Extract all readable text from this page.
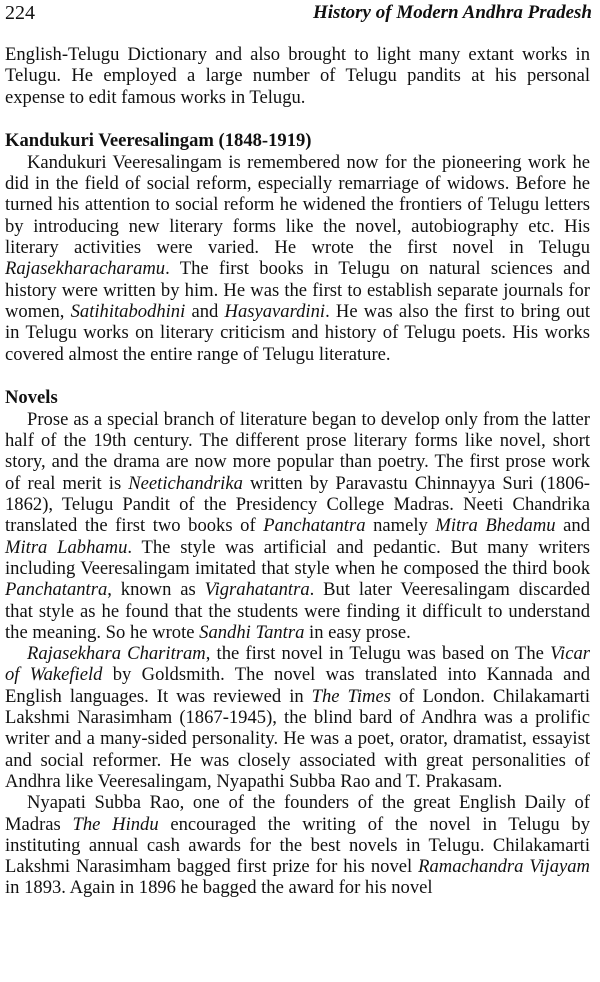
224	History of Modern Andhra Pradesh

English-Telugu Dictionary and also brought to light many extant works in Telugu. He employed a large number of Telugu pandits at his personal expense to edit famous works in Telugu.

Kandukuri Veeresalingam (1848-1919)

Kandukuri Veeresalingam is remembered now for the pioneering work he did in the field of social reform, especially remarriage of widows. Before he turned his attention to social reform he widened the frontiers of Telugu letters by introducing new literary forms like the novel, autobiography etc. His literary activities were varied. He wrote the first novel in Telugu Rajasekharacharamu. The first books in Telugu on natural sciences and history were written by him. He was the first to establish separate journals for women, Satihitabodhini and Hasyavardini. He was also the first to bring out in Telugu works on literary criticism and history of Telugu poets. His works covered almost the entire range of Telugu literature.

Novels

Prose as a special branch of literature began to develop only from the latter half of the 19th century. The different prose literary forms like novel, short story, and the drama are now more popular than poetry. The first prose work of real merit is Neetichandrika written by Paravastu Chinnayya Suri (1806-1862), Telugu Pandit of the Presidency College Madras. Neeti Chandrika translated the first two books of Panchatantra namely Mitra Bhedamu and Mitra Labhamu. The style was artificial and pedantic. But many writers including Veeresalingam imitated that style when he composed the third book Panchatantra, known as Vigrahatantra. But later Veeresalingam discarded that style as he found that the students were finding it difficult to understand the meaning. So he wrote Sandhi Tantra in easy prose.

Rajasekhara Charitram, the first novel in Telugu was based on The Vicar of Wakefield by Goldsmith. The novel was translated into Kannada and English languages. It was reviewed in The Times of London. Chilakamarti Lakshmi Narasimham (1867-1945), the blind bard of Andhra was a prolific writer and a many-sided personality. He was a poet, orator, dramatist, essayist and social reformer. He was closely associated with great personalities of Andhra like Veeresalingam, Nyapathi Subba Rao and T. Prakasam.

Nyapati Subba Rao, one of the founders of the great English Daily of Madras The Hindu encouraged the writing of the novel in Telugu by instituting annual cash awards for the best novels in Telugu. Chilakamarti Lakshmi Narasimham bagged first prize for his novel Ramachandra Vijayam in 1893. Again in 1896 he bagged the award for his novel
